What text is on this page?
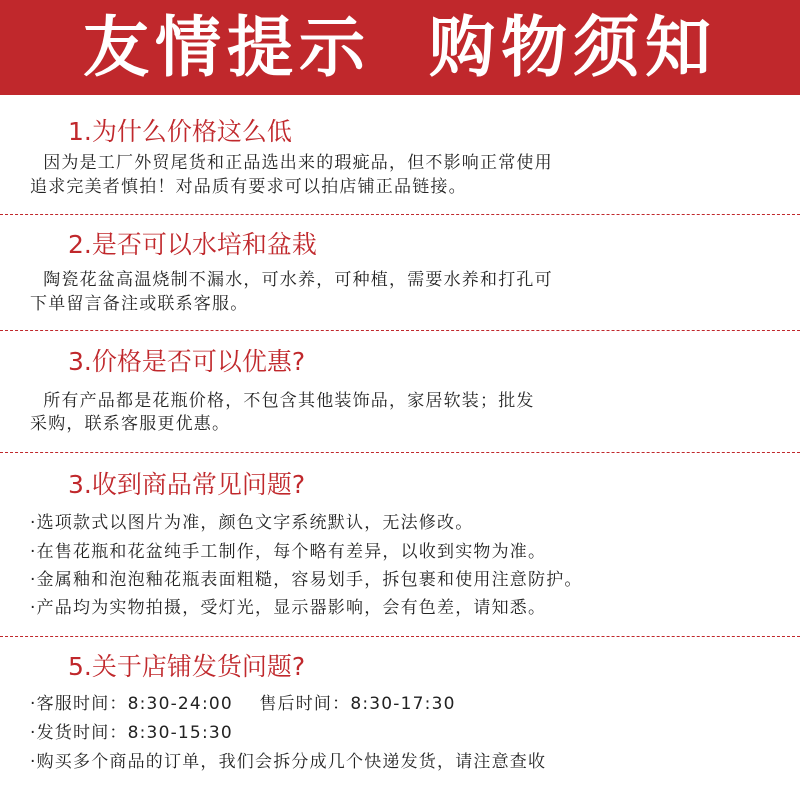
友情提示  购物须知
1.为什么价格这么低
因为是工厂外贸尾货和正品选出来的瑕疵品，但不影响正常使用
追求完美者慎拍！对品质有要求可以拍店铺正品链接。
2.是否可以水培和盆栽
陶瓷花盆高温烧制不漏水，可水养，可种植，需要水养和打孔可
下单留言备注或联系客服。
3.价格是否可以优惠?
所有产品都是花瓶价格，不包含其他装饰品，家居软装；批发
采购，联系客服更优惠。
3.收到商品常见问题?
·选项款式以图片为准，颜色文字系统默认，无法修改。
·在售花瓶和花盆纯手工制作，每个略有差异，以收到实物为准。
·金属釉和泡泡釉花瓶表面粗糙，容易划手，拆包裹和使用注意防护。
·产品均为实物拍摄，受灯光，显示器影响，会有色差，请知悉。
5.关于店铺发货问题?
·客服时间：8:30-24:00    售后时间：8:30-17:30
·发货时间：8:30-15:30
·购买多个商品的订单，我们会拆分成几个快递发货，请注意查收
